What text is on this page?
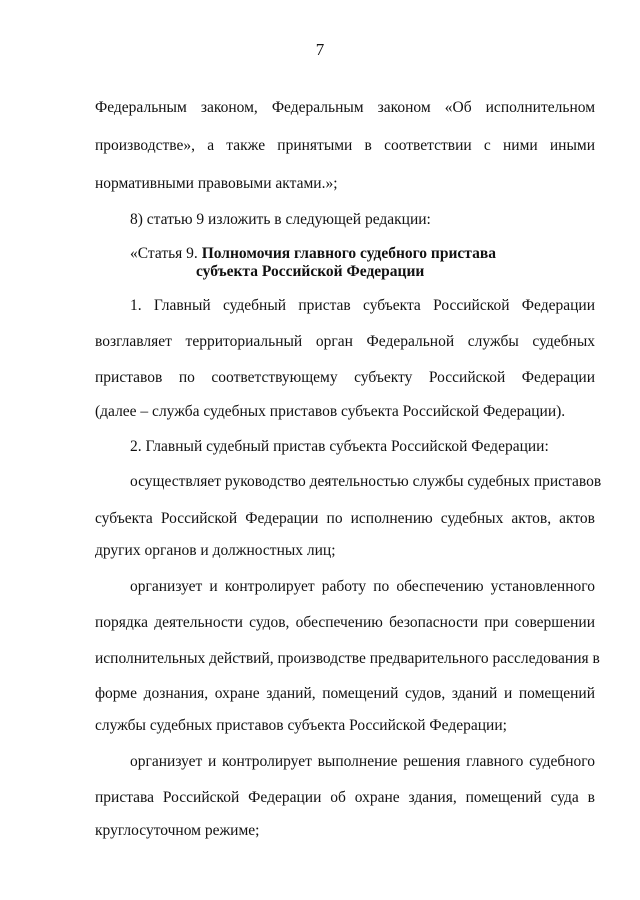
7
Федеральным законом, Федеральным законом «Об исполнительном
производстве», а также принятыми в соответствии с ними иными
нормативными правовыми актами.»;
8) статью 9 изложить в следующей редакции:
«Статья 9. Полномочия главного судебного пристава
субъекта Российской Федерации
1. Главный судебный пристав субъекта Российской Федерации
возглавляет территориальный орган Федеральной службы судебных
приставов по соответствующему субъекту Российской Федерации
(далее – служба судебных приставов субъекта Российской Федерации).
2. Главный судебный пристав субъекта Российской Федерации:
осуществляет руководство деятельностью службы судебных приставов
субъекта Российской Федерации по исполнению судебных актов, актов
других органов и должностных лиц;
организует и контролирует работу по обеспечению установленного
порядка деятельности судов, обеспечению безопасности при совершении
исполнительных действий, производстве предварительного расследования в
форме дознания, охране зданий, помещений судов, зданий и помещений
службы судебных приставов субъекта Российской Федерации;
организует и контролирует выполнение решения главного судебного
пристава Российской Федерации об охране здания, помещений суда в
круглосуточном режиме;
